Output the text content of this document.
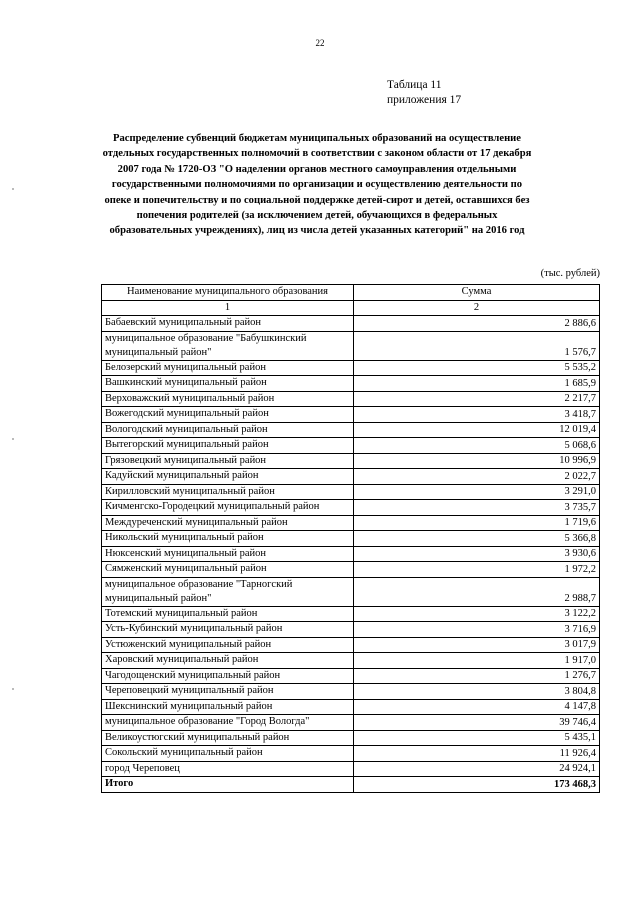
22
Таблица 11
приложения 17
Распределение субвенций бюджетам муниципальных образований на осуществление отдельных государственных полномочий в соответствии с законом области от 17 декабря 2007 года № 1720-ОЗ "О наделении органов местного самоуправления отдельными государственными полномочиями по организации и осуществлению деятельности по опеке и попечительству и по социальной поддержке детей-сирот и детей, оставшихся без попечения родителей (за исключением детей, обучающихся в федеральных образовательных учреждениях), лиц из числа детей указанных категорий" на 2016 год
(тыс. рублей)
Наименование муниципального образования	Сумма
1	2
Бабаевский муниципальный район	2 886,6
муниципальное образование "Бабушкинский муниципальный район"	1 576,7
Белозерский муниципальный район	5 535,2
Вашкинский муниципальный район	1 685,9
Верховажский муниципальный район	2 217,7
Вожегодский муниципальный район	3 418,7
Вологодский муниципальный район	12 019,4
Вытегорский муниципальный район	5 068,6
Грязовецкий муниципальный район	10 996,9
Кадуйский муниципальный район	2 022,7
Кирилловский муниципальный район	3 291,0
Кичменгско-Городецкий муниципальный район	3 735,7
Междуреченский муниципальный район	1 719,6
Никольский муниципальный район	5 366,8
Нюксенский муниципальный район	3 930,6
Сямженский муниципальный район	1 972,2
муниципальное образование "Тарногский муниципальный район"	2 988,7
Тотемский муниципальный район	3 122,2
Усть-Кубинский муниципальный район	3 716,9
Устюженский муниципальный район	3 017,9
Харовский муниципальный район	1 917,0
Чагодощенский муниципальный район	1 276,7
Череповецкий муниципальный район	3 804,8
Шекснинский муниципальный район	4 147,8
муниципальное образование "Город Вологда"	39 746,4
Великоустюгский муниципальный район	5 435,1
Сокольский муниципальный район	11 926,4
город Череповец	24 924,1
Итого	173 468,3
